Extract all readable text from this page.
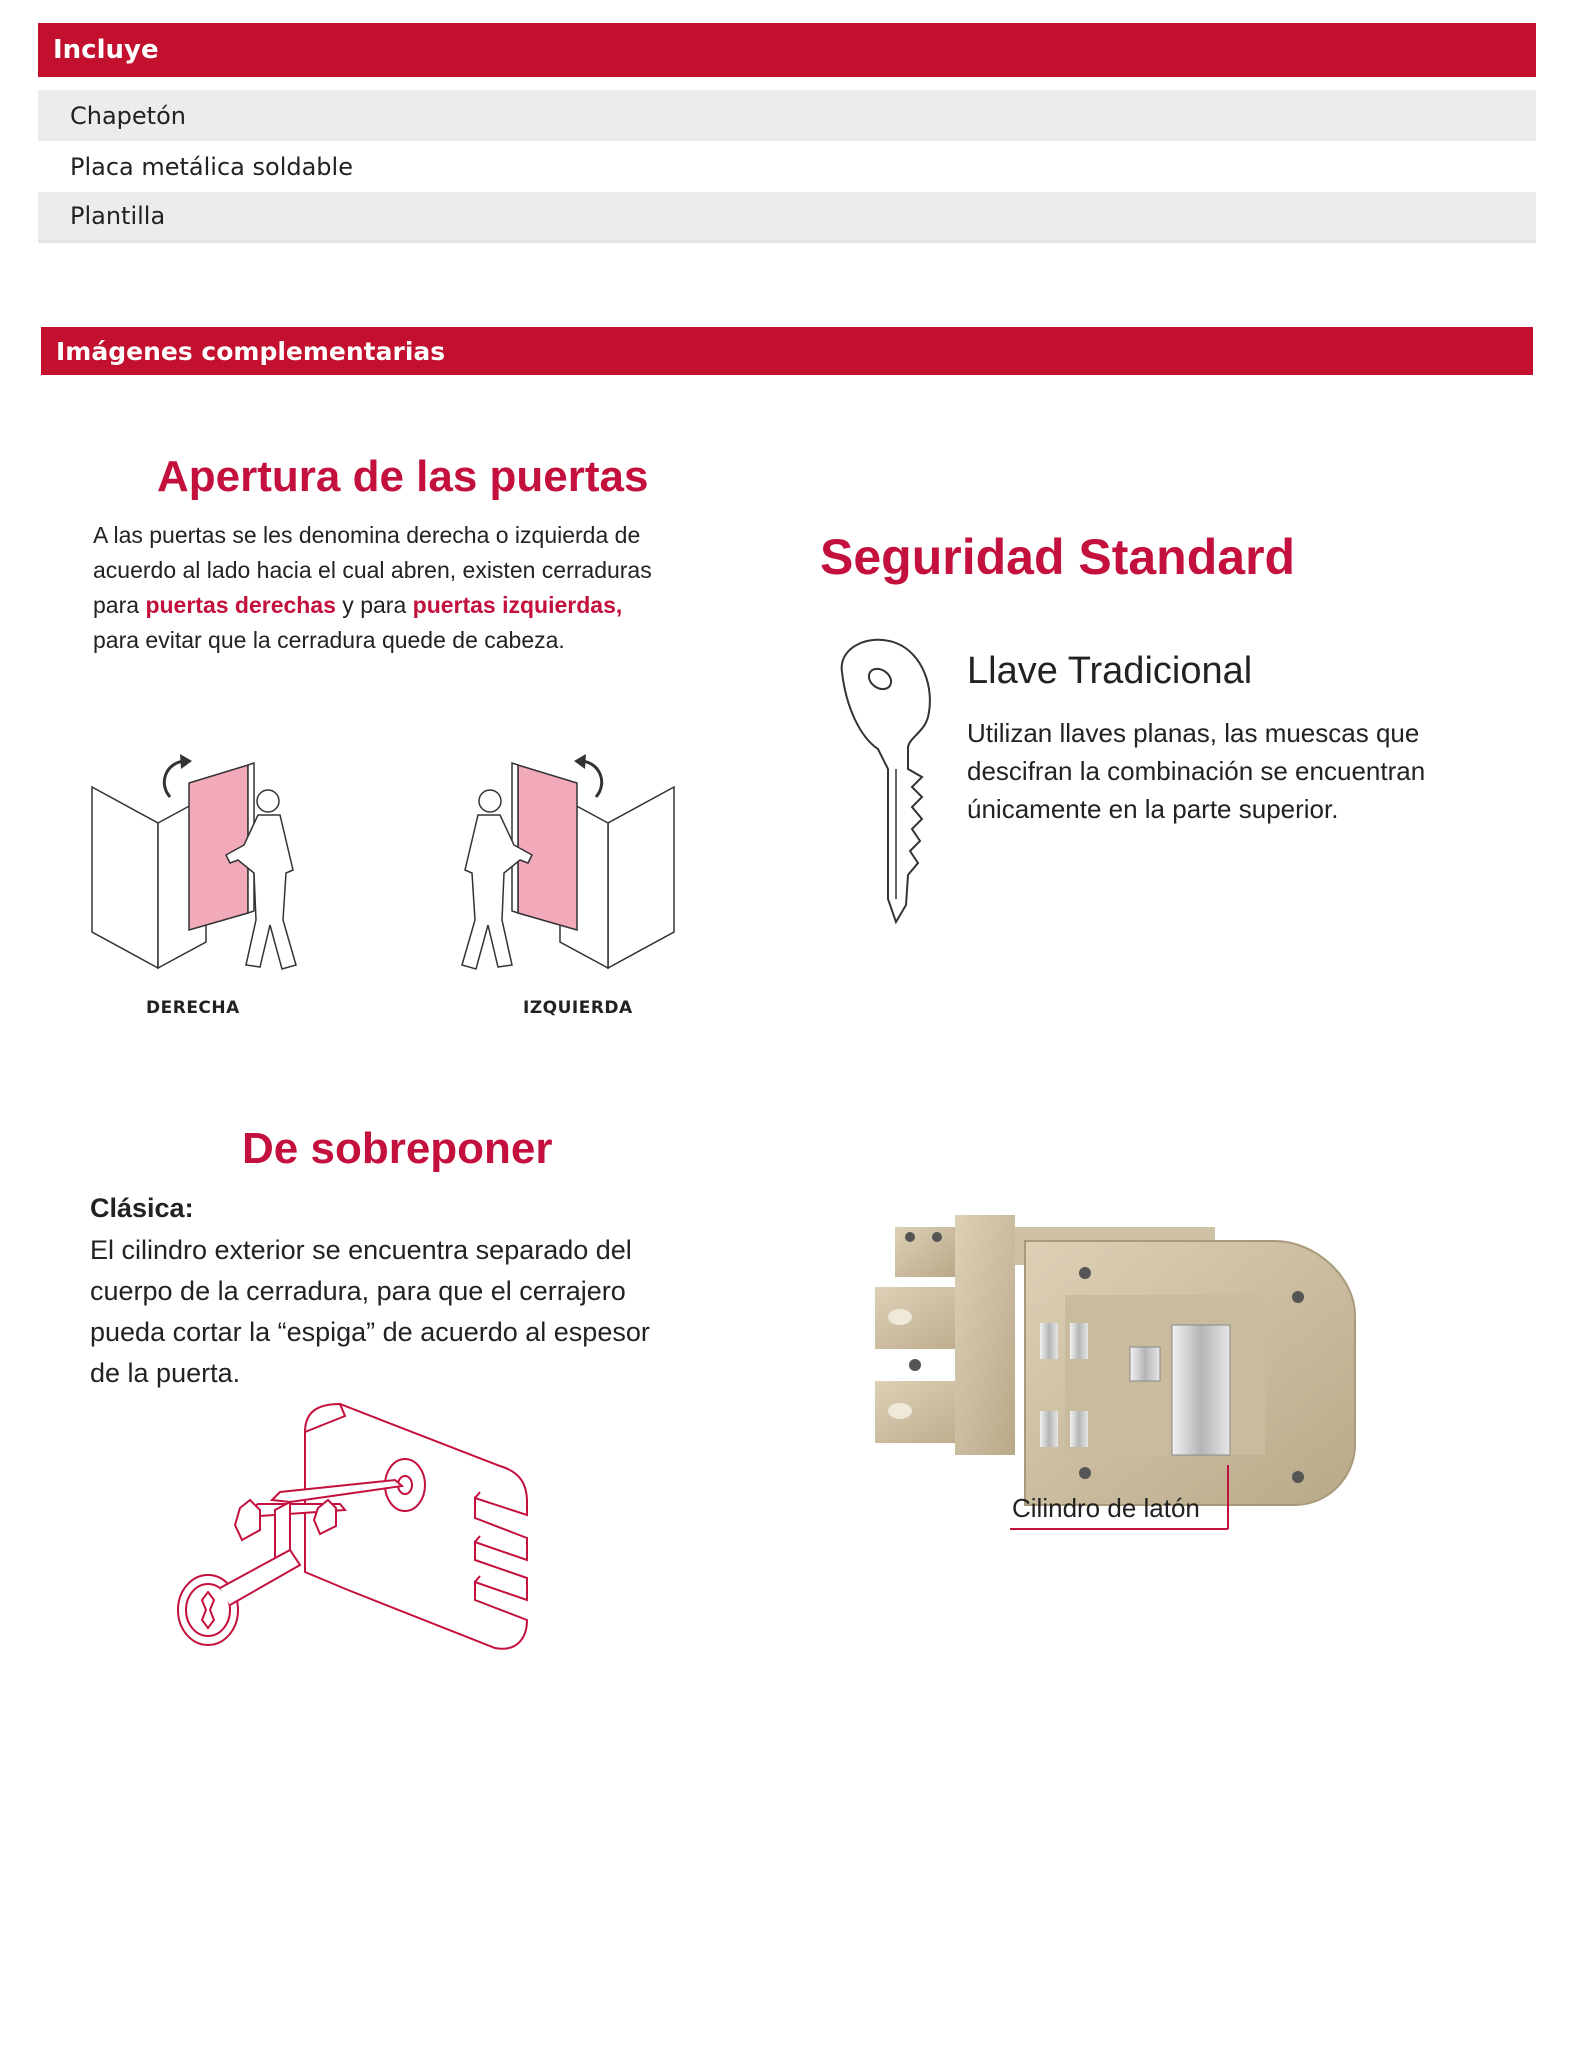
Incluye
Chapetón
Placa metálica soldable
Plantilla
Imágenes complementarias
Apertura de las puertas
A las puertas se les denomina derecha o izquierda de
acuerdo al lado hacia el cual abren, existen cerraduras
para puertas derechas y para puertas izquierdas,
para evitar que la cerradura quede de cabeza.
DERECHA	IZQUIERDA
Seguridad Standard
Llave Tradicional
Utilizan llaves planas, las muescas que
descifran la combinación se encuentran
únicamente en la parte superior.
De sobreponer
Clásica:
El cilindro exterior se encuentra separado del
cuerpo de la cerradura, para que el cerrajero
pueda cortar la “espiga” de acuerdo al espesor
de la puerta.
Cilindro de latón
